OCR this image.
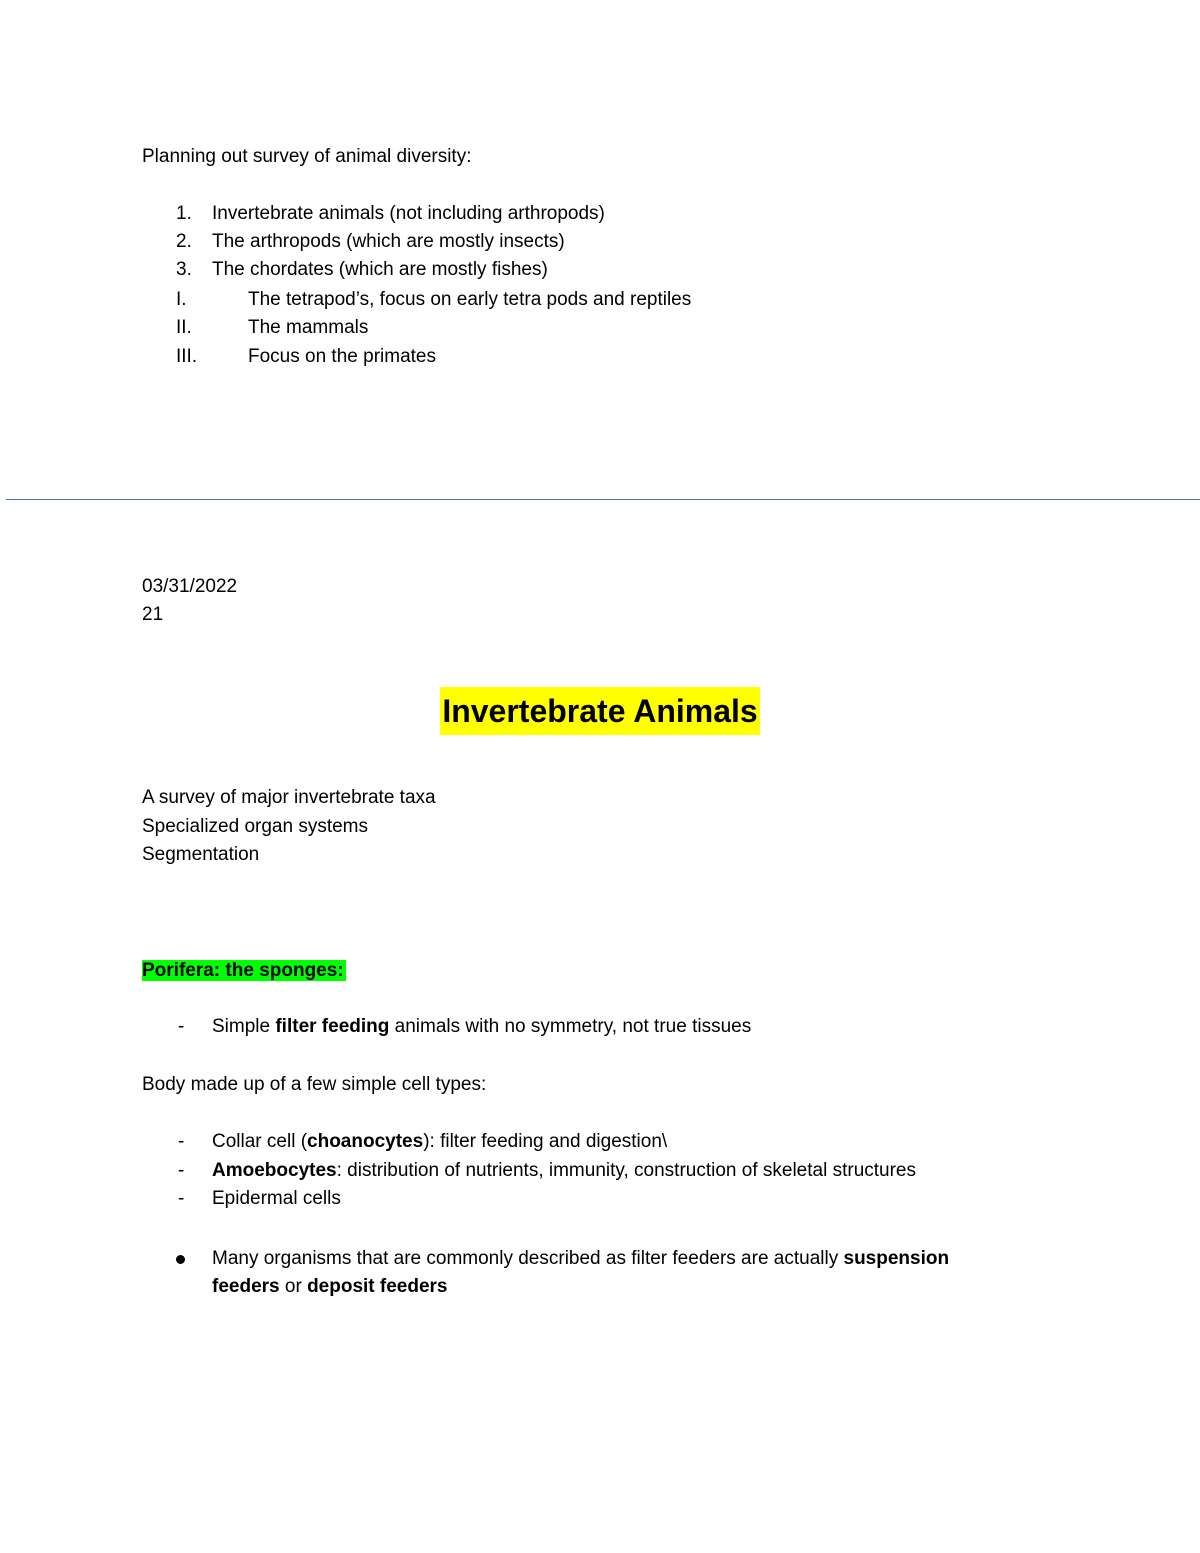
Planning out survey of animal diversity:
1. Invertebrate animals (not including arthropods)
2. The arthropods (which are mostly insects)
3. The chordates (which are mostly fishes)
I.	The tetrapod’s, focus on early tetra pods and reptiles
II.	The mammals
III.	Focus on the primates
03/31/2022
21
Invertebrate Animals
A survey of major invertebrate taxa
Specialized organ systems
Segmentation
Porifera: the sponges:
- Simple filter feeding animals with no symmetry, not true tissues
Body made up of a few simple cell types:
- Collar cell (choanocytes): filter feeding and digestion\
- Amoebocytes: distribution of nutrients, immunity, construction of skeletal structures
- Epidermal cells
Many organisms that are commonly described as filter feeders are actually suspension
feeders or deposit feeders
